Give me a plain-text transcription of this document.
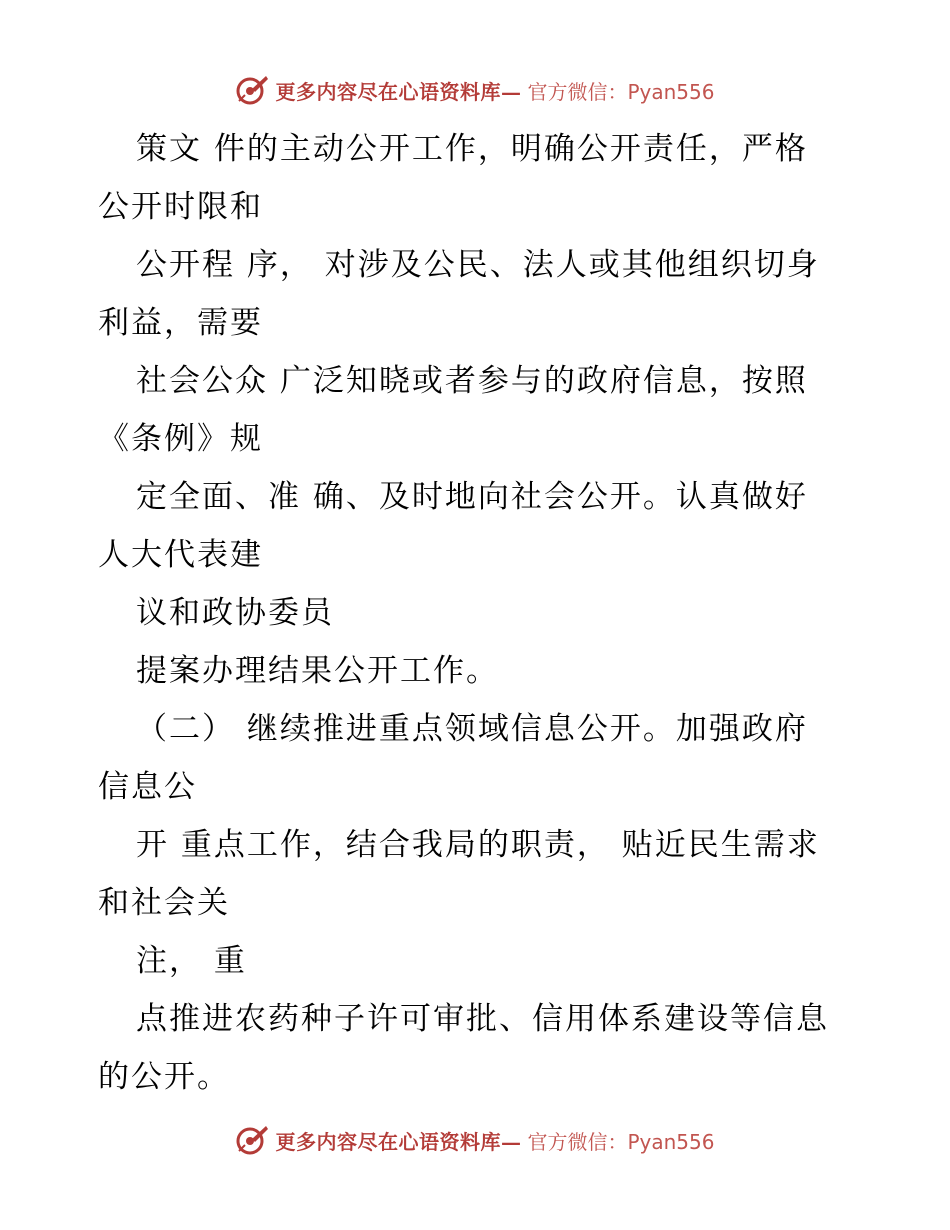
更多内容尽在心语资料库— 官方微信：Pyan556
策文 件的主动公开工作，明确公开责任，严格
公开时限和
公开程 序， 对涉及公民、法人或其他组织切身
利益，需要
社会公众 广泛知晓或者参与的政府信息，按照
《条例》规
定全面、准 确、及时地向社会公开。认真做好
人大代表建
议和政协委员
提案办理结果公开工作。
（二） 继续推进重点领域信息公开。加强政府
信息公
开 重点工作，结合我局的职责， 贴近民生需求
和社会关
注， 重
点推进农药种子许可审批、信用体系建设等信息
的公开。
更多内容尽在心语资料库— 官方微信：Pyan556
